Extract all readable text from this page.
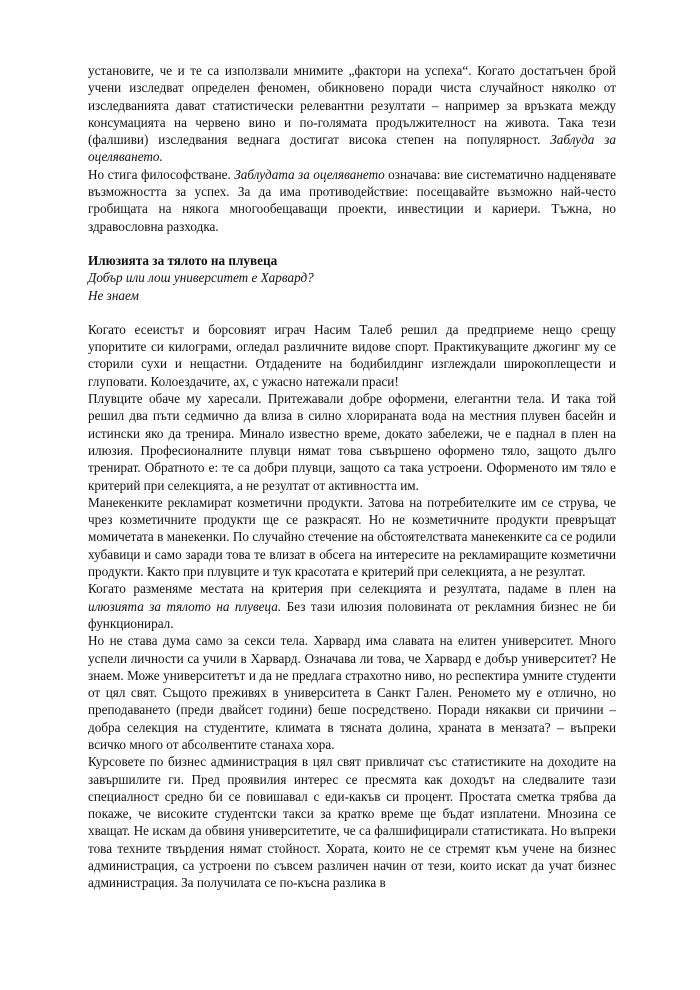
установите, че и те са използвали мнимите „фактори на успеха“. Когато достатъчен брой учени изследват определен феномен, обикновено поради чиста случайност няколко от изследванията дават статистически релевантни резултати – например за връзката между консумацията на червено вино и по-голямата продължителност на живота. Така тези (фалшиви) изследвания веднага достигат висока степен на популярност. Заблуда за оцеляването.

Но стига философстване. Заблудата за оцеляването означава: вие систематично надценявате възможността за успех. За да има противодействие: посещавайте възможно най-често гробищата на някога многообещаващи проекти, инвестиции и кариери. Тъжна, но здравословна разходка.

Илюзията за тялото на плувеца

Добър или лош университет е Харвард?

Не знаем

Когато есеистът и борсовият играч Насим Талеб решил да предприеме нещо срещу упоритите си килограми, огледал различните видове спорт. Практикуващите джогинг му се сторили сухи и нещастни. Отдадените на бодибилдинг изглеждали широкоплещести и глуповати. Колоездачите, ах, с ужасно натежали праси!

Плувците обаче му харесали. Притежавали добре оформени, елегантни тела. И така той решил два пъти седмично да влиза в силно хлорираната вода на местния плувен басейн и истински яко да тренира. Минало известно време, докато забележи, че е паднал в плен на илюзия. Професионалните плувци нямат това съвършено оформено тяло, защото дълго тренират. Обратното е: те са добри плувци, защото са така устроени. Оформеното им тяло е критерий при селекцията, а не резултат от активността им.

Манекенките рекламират козметични продукти. Затова на потребителките им се струва, че чрез козметичните продукти ще се разкрасят. Но не козметичните продукти превръщат момичетата в манекенки. По случайно стечение на обстоятелствата манекенките са се родили хубавици и само заради това те влизат в обсега на интересите на рекламиращите козметични продукти. Както при плувците и тук красотата е критерий при селекцията, а не резултат.

Когато разменяме местата на критерия при селекцията и резултата, падаме в плен на илюзията за тялото на плувеца. Без тази илюзия половината от рекламния бизнес не би функционирал.

Но не става дума само за секси тела. Харвард има славата на елитен университет. Много успели личности са учили в Харвард. Означава ли това, че Харвард е добър университет? Не знаем. Може университетът и да не предлага страхотно ниво, но респектира умните студенти от цял свят. Същото преживях в университета в Санкт Гален. Реномето му е отлично, но преподаването (преди двайсет години) беше посредствено. Поради някакви си причини – добра селекция на студентите, климата в тясната долина, храната в мензата? – въпреки всичко много от абсолвентите станаха хора.

Курсовете по бизнес администрация в цял свят привличат със статистиките на доходите на завършилите ги. Пред проявилия интерес се пресмята как доходът на следвалите тази специалност средно би се повишавал с еди-какъв си процент. Простата сметка трябва да покаже, че високите студентски такси за кратко време ще бъдат изплатени. Мнозина се хващат. Не искам да обвиня университетите, че са фалшифицирали статистиката. Но въпреки това техните твърдения нямат стойност. Хората, които не се стремят към учене на бизнес администрация, са устроени по съвсем различен начин от тези, които искат да учат бизнес администрация. За получилата се по-късна разлика в
